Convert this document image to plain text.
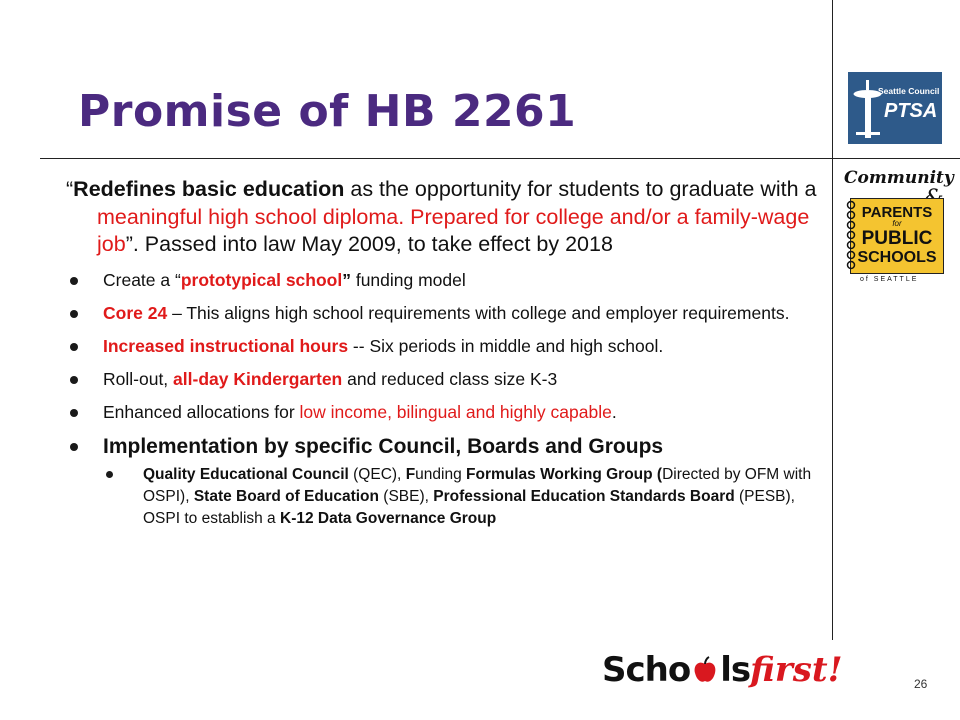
Promise of HB 2261	Seattle Council
PTSA
Community
PARENTS
for
PUBLIC
SCHOOLS
of SEATTLE
“Redefines basic education as the opportunity for students to graduate with a meaningful high school diploma. Prepared for college and/or a family-wage job”. Passed into law May 2009, to take effect by 2018
Create a “prototypical school” funding model
Core 24 – This aligns high school requirements with college and employer requirements.
Increased instructional hours -- Six periods in middle and high school.
Roll-out, all-day Kindergarten and reduced class size K-3
Enhanced allocations for low income, bilingual and highly capable.
Implementation by specific Council, Boards and Groups
Quality Educational Council (QEC), Funding Formulas Working Group (Directed by OFM with OSPI), State Board of Education (SBE), Professional Education Standards Board (PESB), OSPI to establish a K-12 Data Governance Group
Scho lsfirst!	26
